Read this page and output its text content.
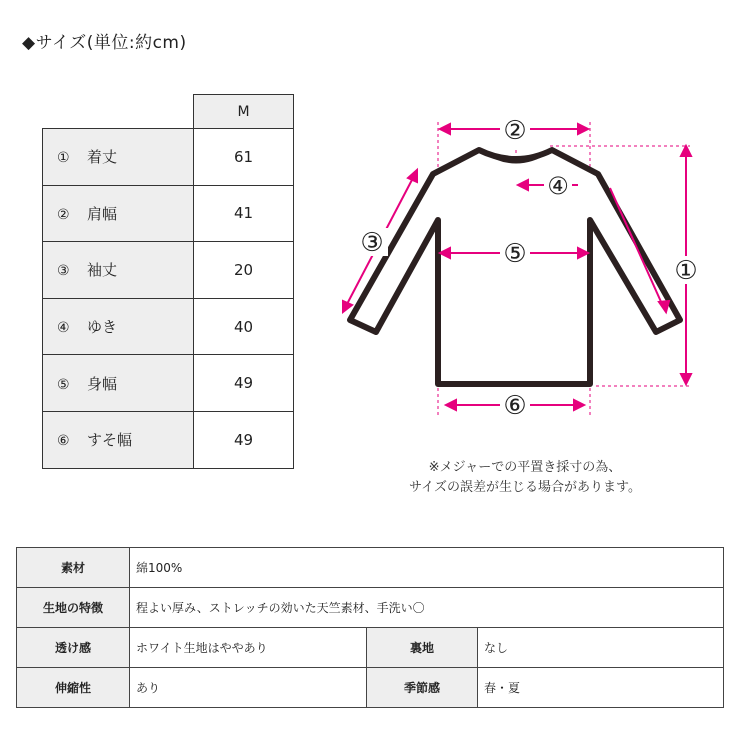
◆サイズ(単位:約cm)
	M
① 着丈	61
② 肩幅	41
③ 袖丈	20
④ ゆき	40
⑤ 身幅	49
⑥ すそ幅	49
②
④
⑤
⑥
①
③
※メジャーでの平置き採寸の為、
サイズの誤差が生じる場合があります。
素材	綿100%		
生地の特徴	程よい厚み、ストレッチの効いた天竺素材、手洗い〇		
透け感	ホワイト生地はややあり	裏地	なし
伸縮性	あり	季節感	春・夏
